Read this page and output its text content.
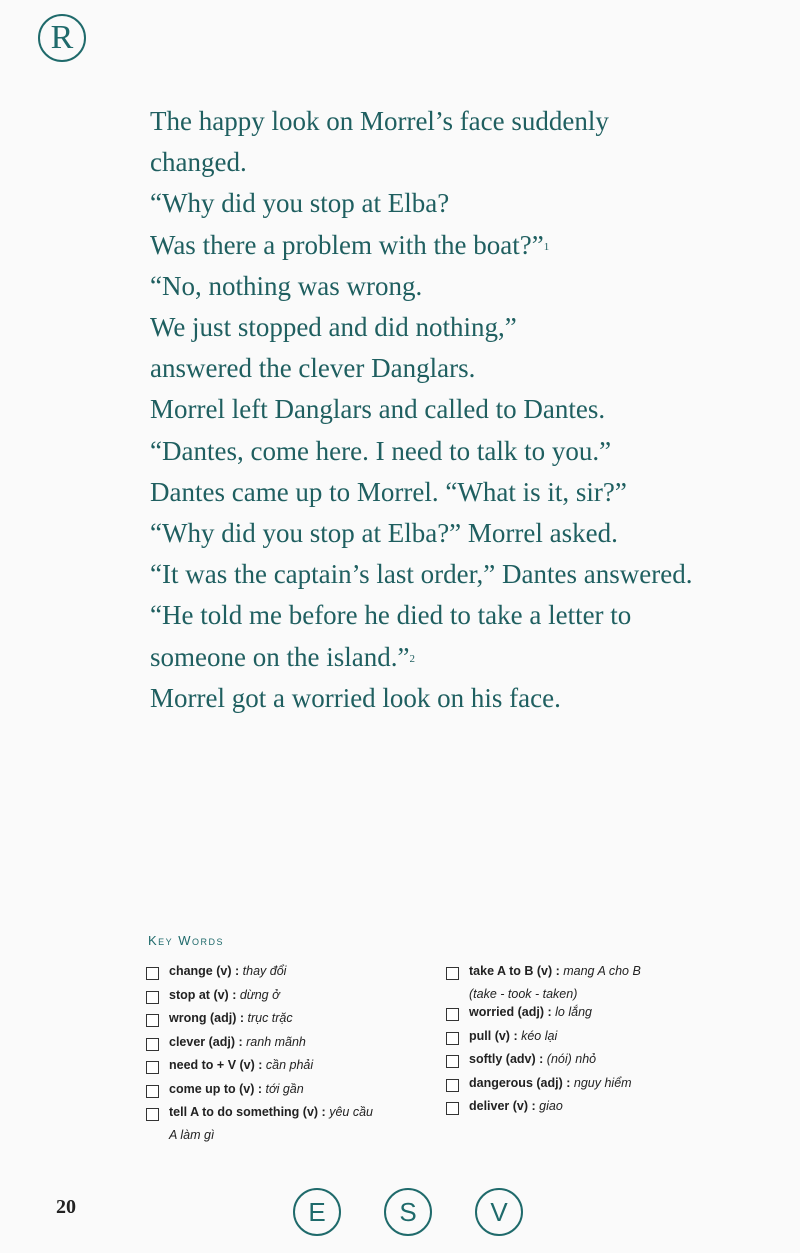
R

The happy look on Morrel’s face suddenly

changed.

“Why did you stop at Elba?

Was there a problem with the boat?”$^1$

“No, nothing was wrong.

We just stopped and did nothing,”

answered the clever Danglars.

Morrel left Danglars and called to Dantes.

“Dantes, come here. I need to talk to you.”

Dantes came up to Morrel. “What is it, sir?”

“Why did you stop at Elba?” Morrel asked.

“It was the captain’s last order,” Dantes answered.

“He told me before he died to take a letter to

someone on the island.”$^2$

Morrel got a worried look on his face.

Key Words
change (v) : thay đổi
stop at (v) : dừng ở
wrong (adj) : trục trặc
clever (adj) : ranh mãnh
need to + V (v) : cần phải
come up to (v) : tới gần
tell A to do something (v) : yêu cầu
A làm gì
take A to B (v) : mang A cho B
(take - took - taken)
worried (adj) : lo lắng
pull (v) : kéo lại
softly (adv) : (nói) nhỏ
dangerous (adj) : nguy hiểm
deliver (v) : giao
20	E	S	V
